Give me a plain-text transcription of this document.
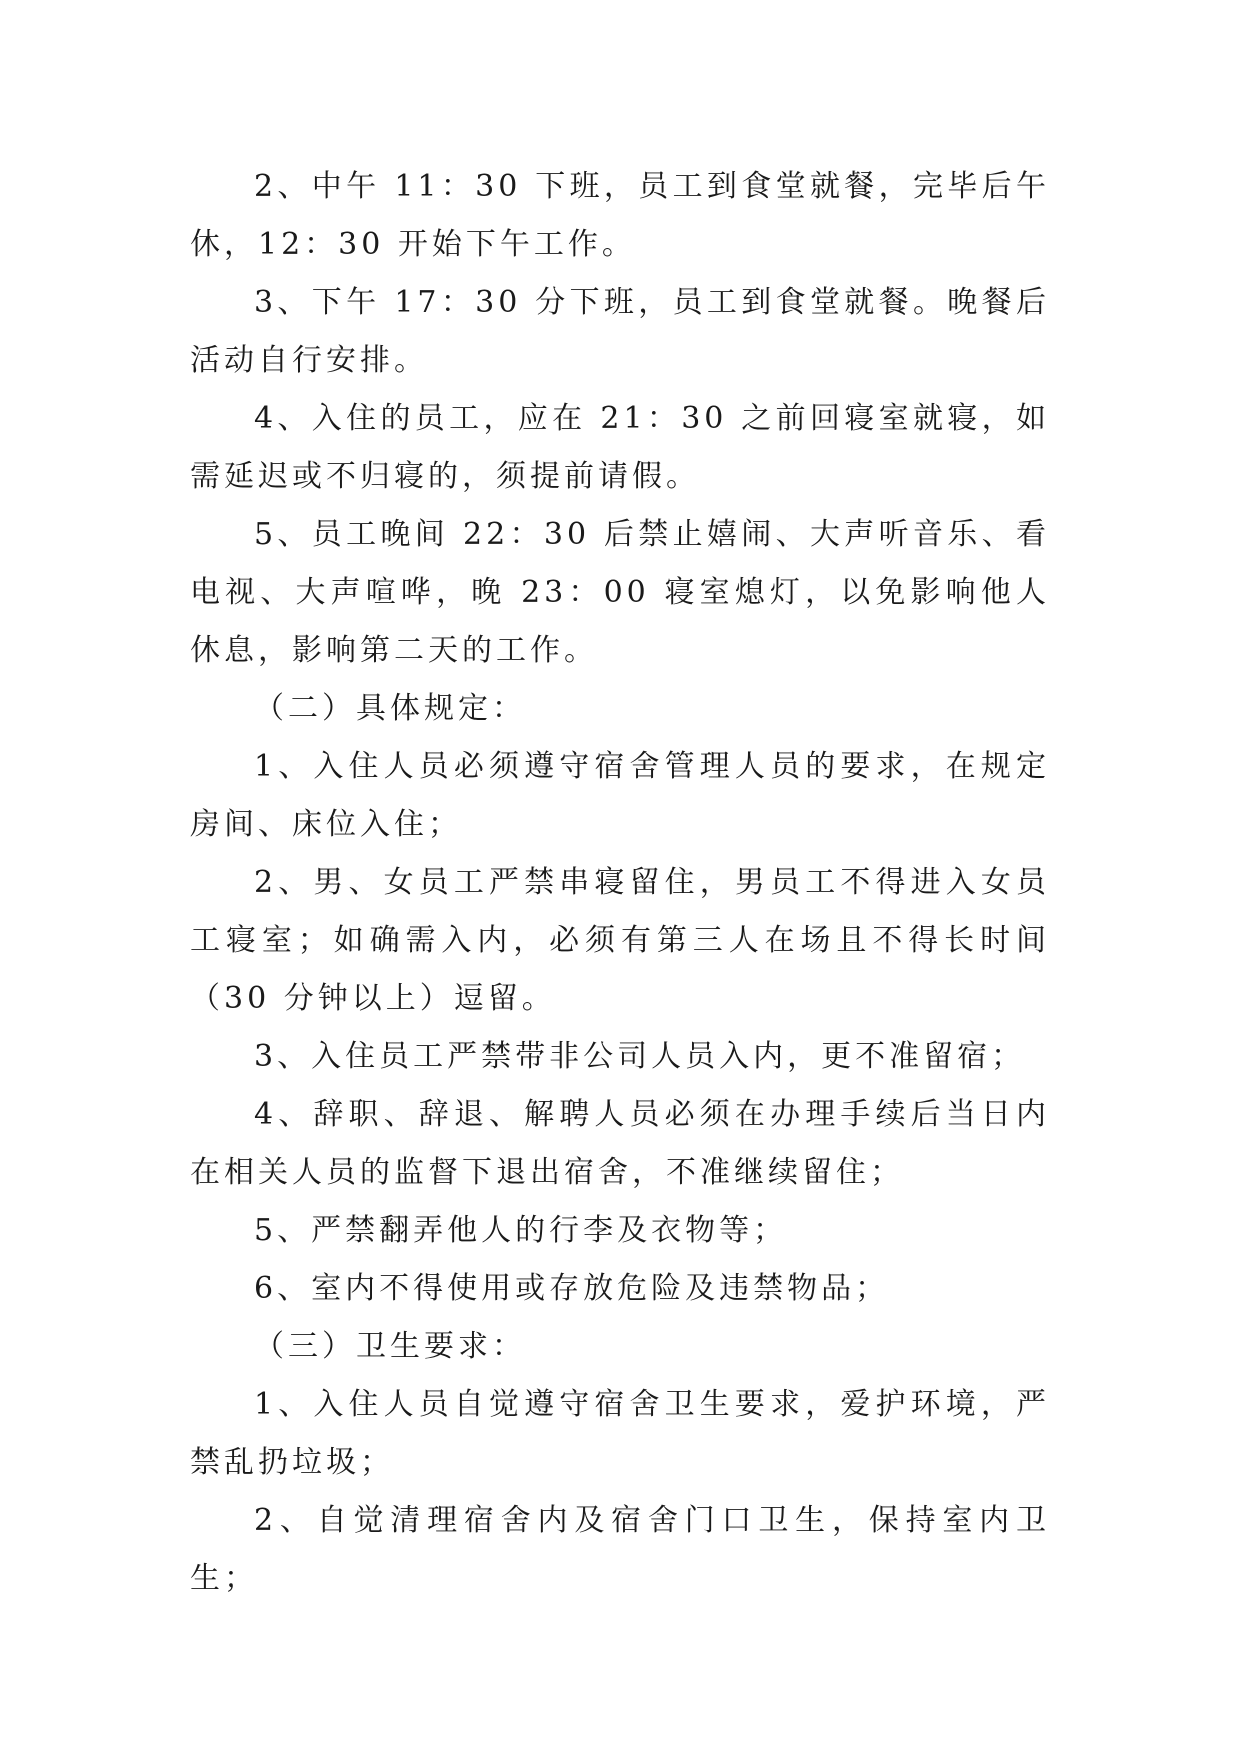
2、中午 11：30 下班，员工到食堂就餐，完毕后午休，12：30 开始下午工作。

3、下午 17：30 分下班，员工到食堂就餐。晚餐后活动自行安排。

4、入住的员工，应在 21：30 之前回寝室就寝，如需延迟或不归寝的，须提前请假。

5、员工晚间 22：30 后禁止嬉闹、大声听音乐、看电视、大声喧哗，晚 23：00 寝室熄灯，以免影响他人休息，影响第二天的工作。

（二）具体规定：

1、入住人员必须遵守宿舍管理人员的要求，在规定房间、床位入住；

2、男、女员工严禁串寝留住，男员工不得进入女员工寝室；如确需入内，必须有第三人在场且不得长时间（30 分钟以上）逗留。

3、入住员工严禁带非公司人员入内，更不准留宿；

4、辞职、辞退、解聘人员必须在办理手续后当日内在相关人员的监督下退出宿舍，不准继续留住；

5、严禁翻弄他人的行李及衣物等；

6、室内不得使用或存放危险及违禁物品；

（三）卫生要求：

1、入住人员自觉遵守宿舍卫生要求，爱护环境，严禁乱扔垃圾；

2、自觉清理宿舍内及宿舍门口卫生，保持室内卫生；
